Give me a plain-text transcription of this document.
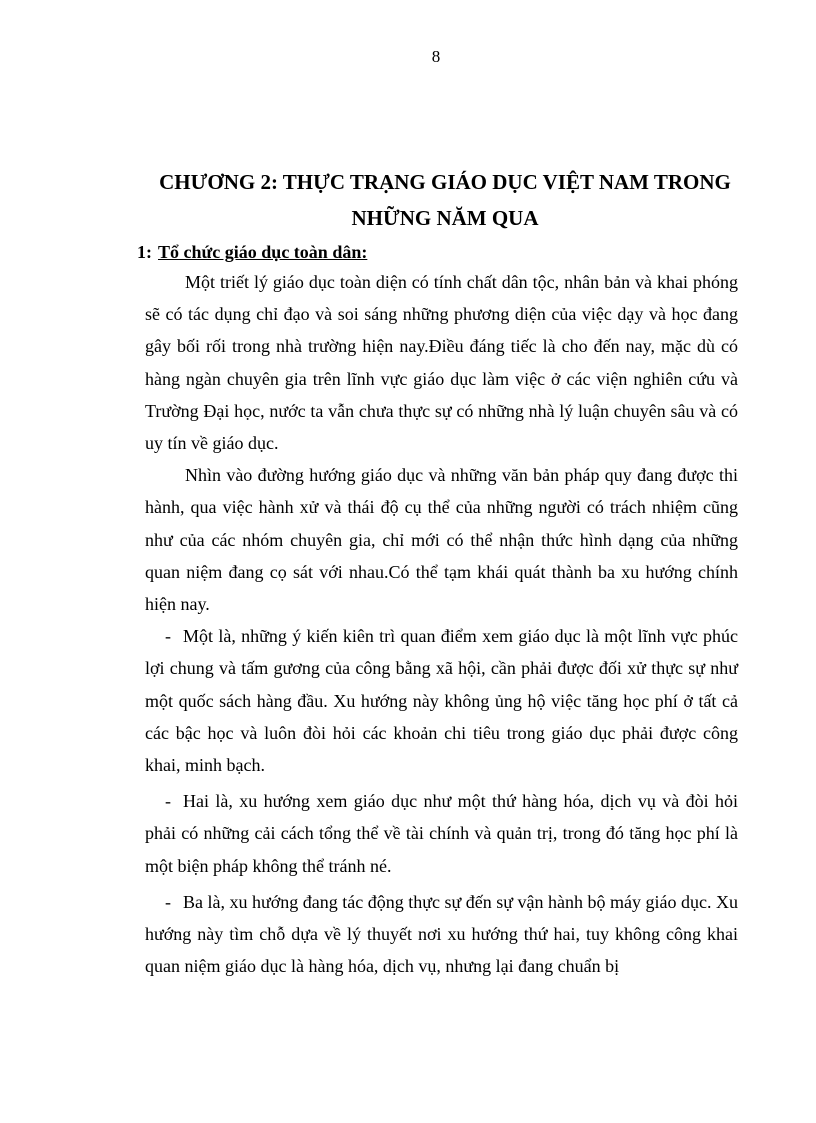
8
CHƯƠNG 2: THỰC TRẠNG GIÁO DỤC VIỆT NAM TRONG NHỮNG NĂM QUA
1: Tổ chức giáo dục toàn dân:

Một triết lý giáo dục toàn diện có tính chất dân tộc, nhân bản và khai phóng sẽ có tác dụng chỉ đạo và soi sáng những phương diện của việc dạy và học đang gây bối rối trong nhà trường hiện nay.Điều đáng tiếc là cho đến nay, mặc dù có hàng ngàn chuyên gia trên lĩnh vực giáo dục làm việc ở các viện nghiên cứu và Trường Đại học, nước ta vẫn chưa thực sự có những nhà lý luận chuyên sâu và có uy tín về giáo dục.

Nhìn vào đường hướng giáo dục và những văn bản pháp quy đang được thi hành, qua việc hành xử và thái độ cụ thể của những người có trách nhiệm cũng như của các nhóm chuyên gia, chỉ mới có thể nhận thức hình dạng của những quan niệm đang cọ sát với nhau.Có thể tạm khái quát thành ba xu hướng chính hiện nay.

- Một là, những ý kiến kiên trì quan điểm xem giáo dục là một lĩnh vực phúc lợi chung và tấm gương của công bằng xã hội, cần phải được đối xử thực sự như một quốc sách hàng đầu. Xu hướng này không ủng hộ việc tăng học phí ở tất cả các bậc học và luôn đòi hỏi các khoản chi tiêu trong giáo dục phải được công khai, minh bạch.

- Hai là, xu hướng xem giáo dục như một thứ hàng hóa, dịch vụ và đòi hỏi phải có những cải cách tổng thể về tài chính và quản trị, trong đó tăng học phí là một biện pháp không thể tránh né.

- Ba là, xu hướng đang tác động thực sự đến sự vận hành bộ máy giáo dục. Xu hướng này tìm chỗ dựa về lý thuyết nơi xu hướng thứ hai, tuy không công khai quan niệm giáo dục là hàng hóa, dịch vụ, nhưng lại đang chuẩn bị
